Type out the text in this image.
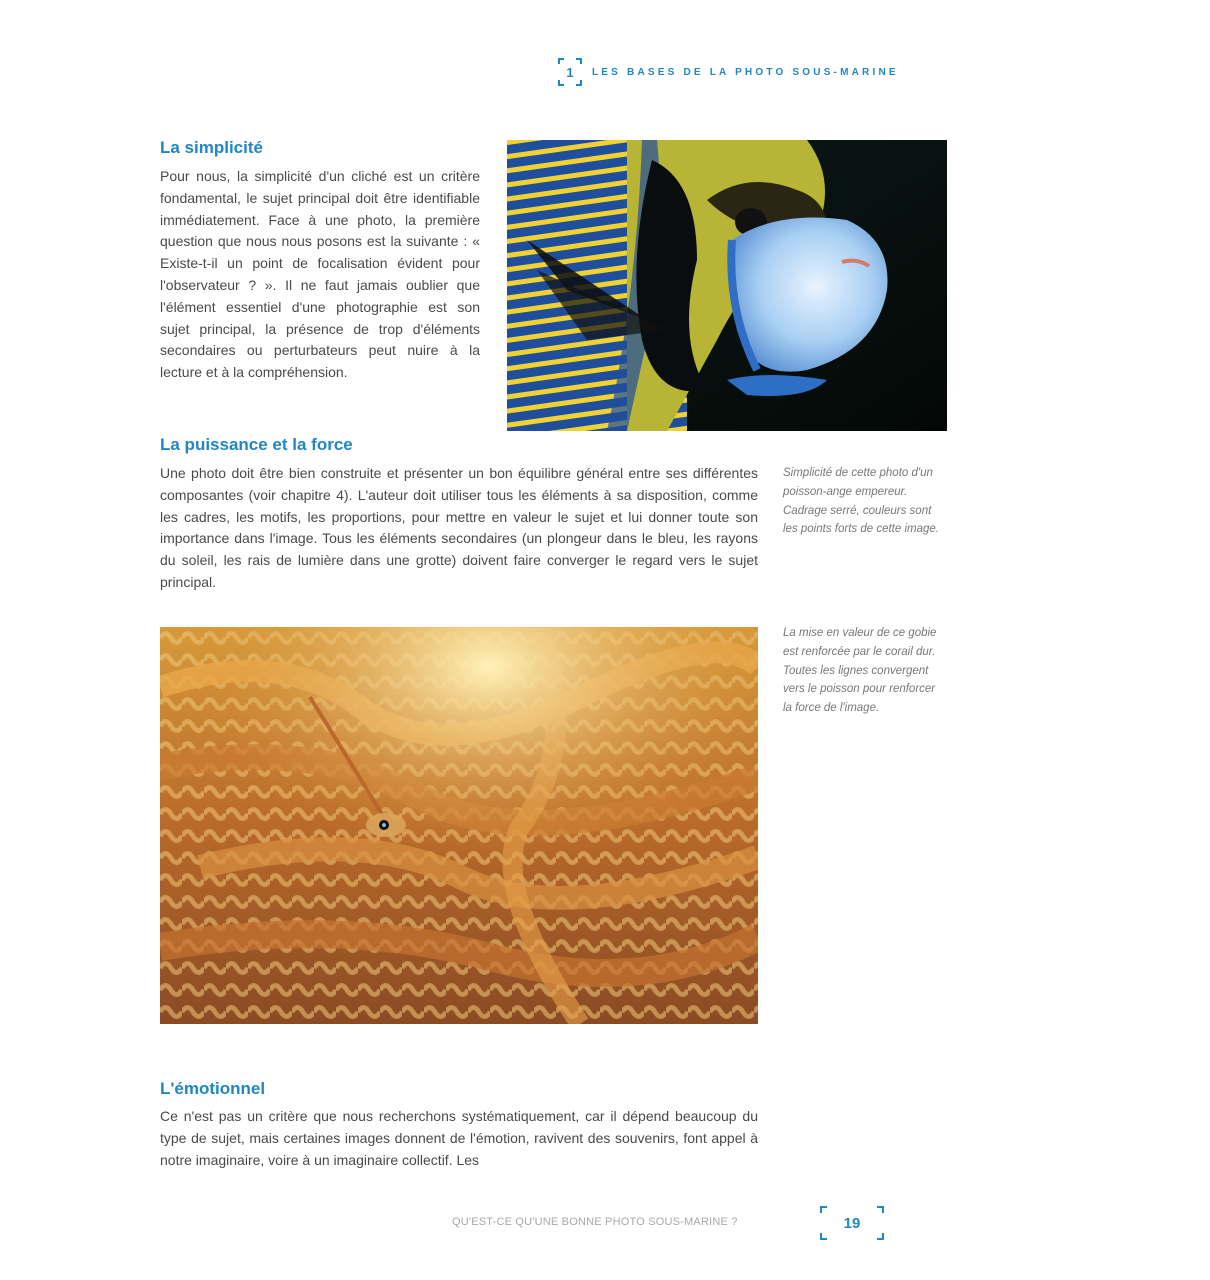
1 LES BASES DE LA PHOTO SOUS-MARINE
La simplicité

Pour nous, la simplicité d'un cliché est un critère fondamental, le sujet principal doit être identifiable immédiatement. Face à une photo, la première question que nous nous posons est la suivante : « Existe-t-il un point de focalisation évident pour l'observateur ? ». Il ne faut jamais oublier que l'élément essentiel d'une photographie est son sujet principal, la présence de trop d'éléments secondaires ou perturbateurs peut nuire à la lecture et à la compréhension.

La puissance et la force

Une photo doit être bien construite et présenter un bon équilibre général entre ses différentes composantes (voir chapitre 4). L'auteur doit utiliser tous les éléments à sa disposition, comme les cadres, les motifs, les proportions, pour mettre en valeur le sujet et lui donner toute son importance dans l'image. Tous les éléments secondaires (un plongeur dans le bleu, les rayons du soleil, les rais de lumière dans une grotte) doivent faire converger le regard vers le sujet principal.

Simplicité de cette photo d'un poisson-ange empereur. Cadrage serré, couleurs sont les points forts de cette image.

La mise en valeur de ce gobie est renforcée par le corail dur. Toutes les lignes convergent vers le poisson pour renforcer la force de l'image.

L'émotionnel

Ce n'est pas un critère que nous recherchons systématiquement, car il dépend beaucoup du type de sujet, mais certaines images donnent de l'émotion, ravivent des souvenirs, font appel à notre imaginaire, voire à un imaginaire collectif. Les

QU'EST-CE QU'UNE BONNE PHOTO SOUS-MARINE ?	19
